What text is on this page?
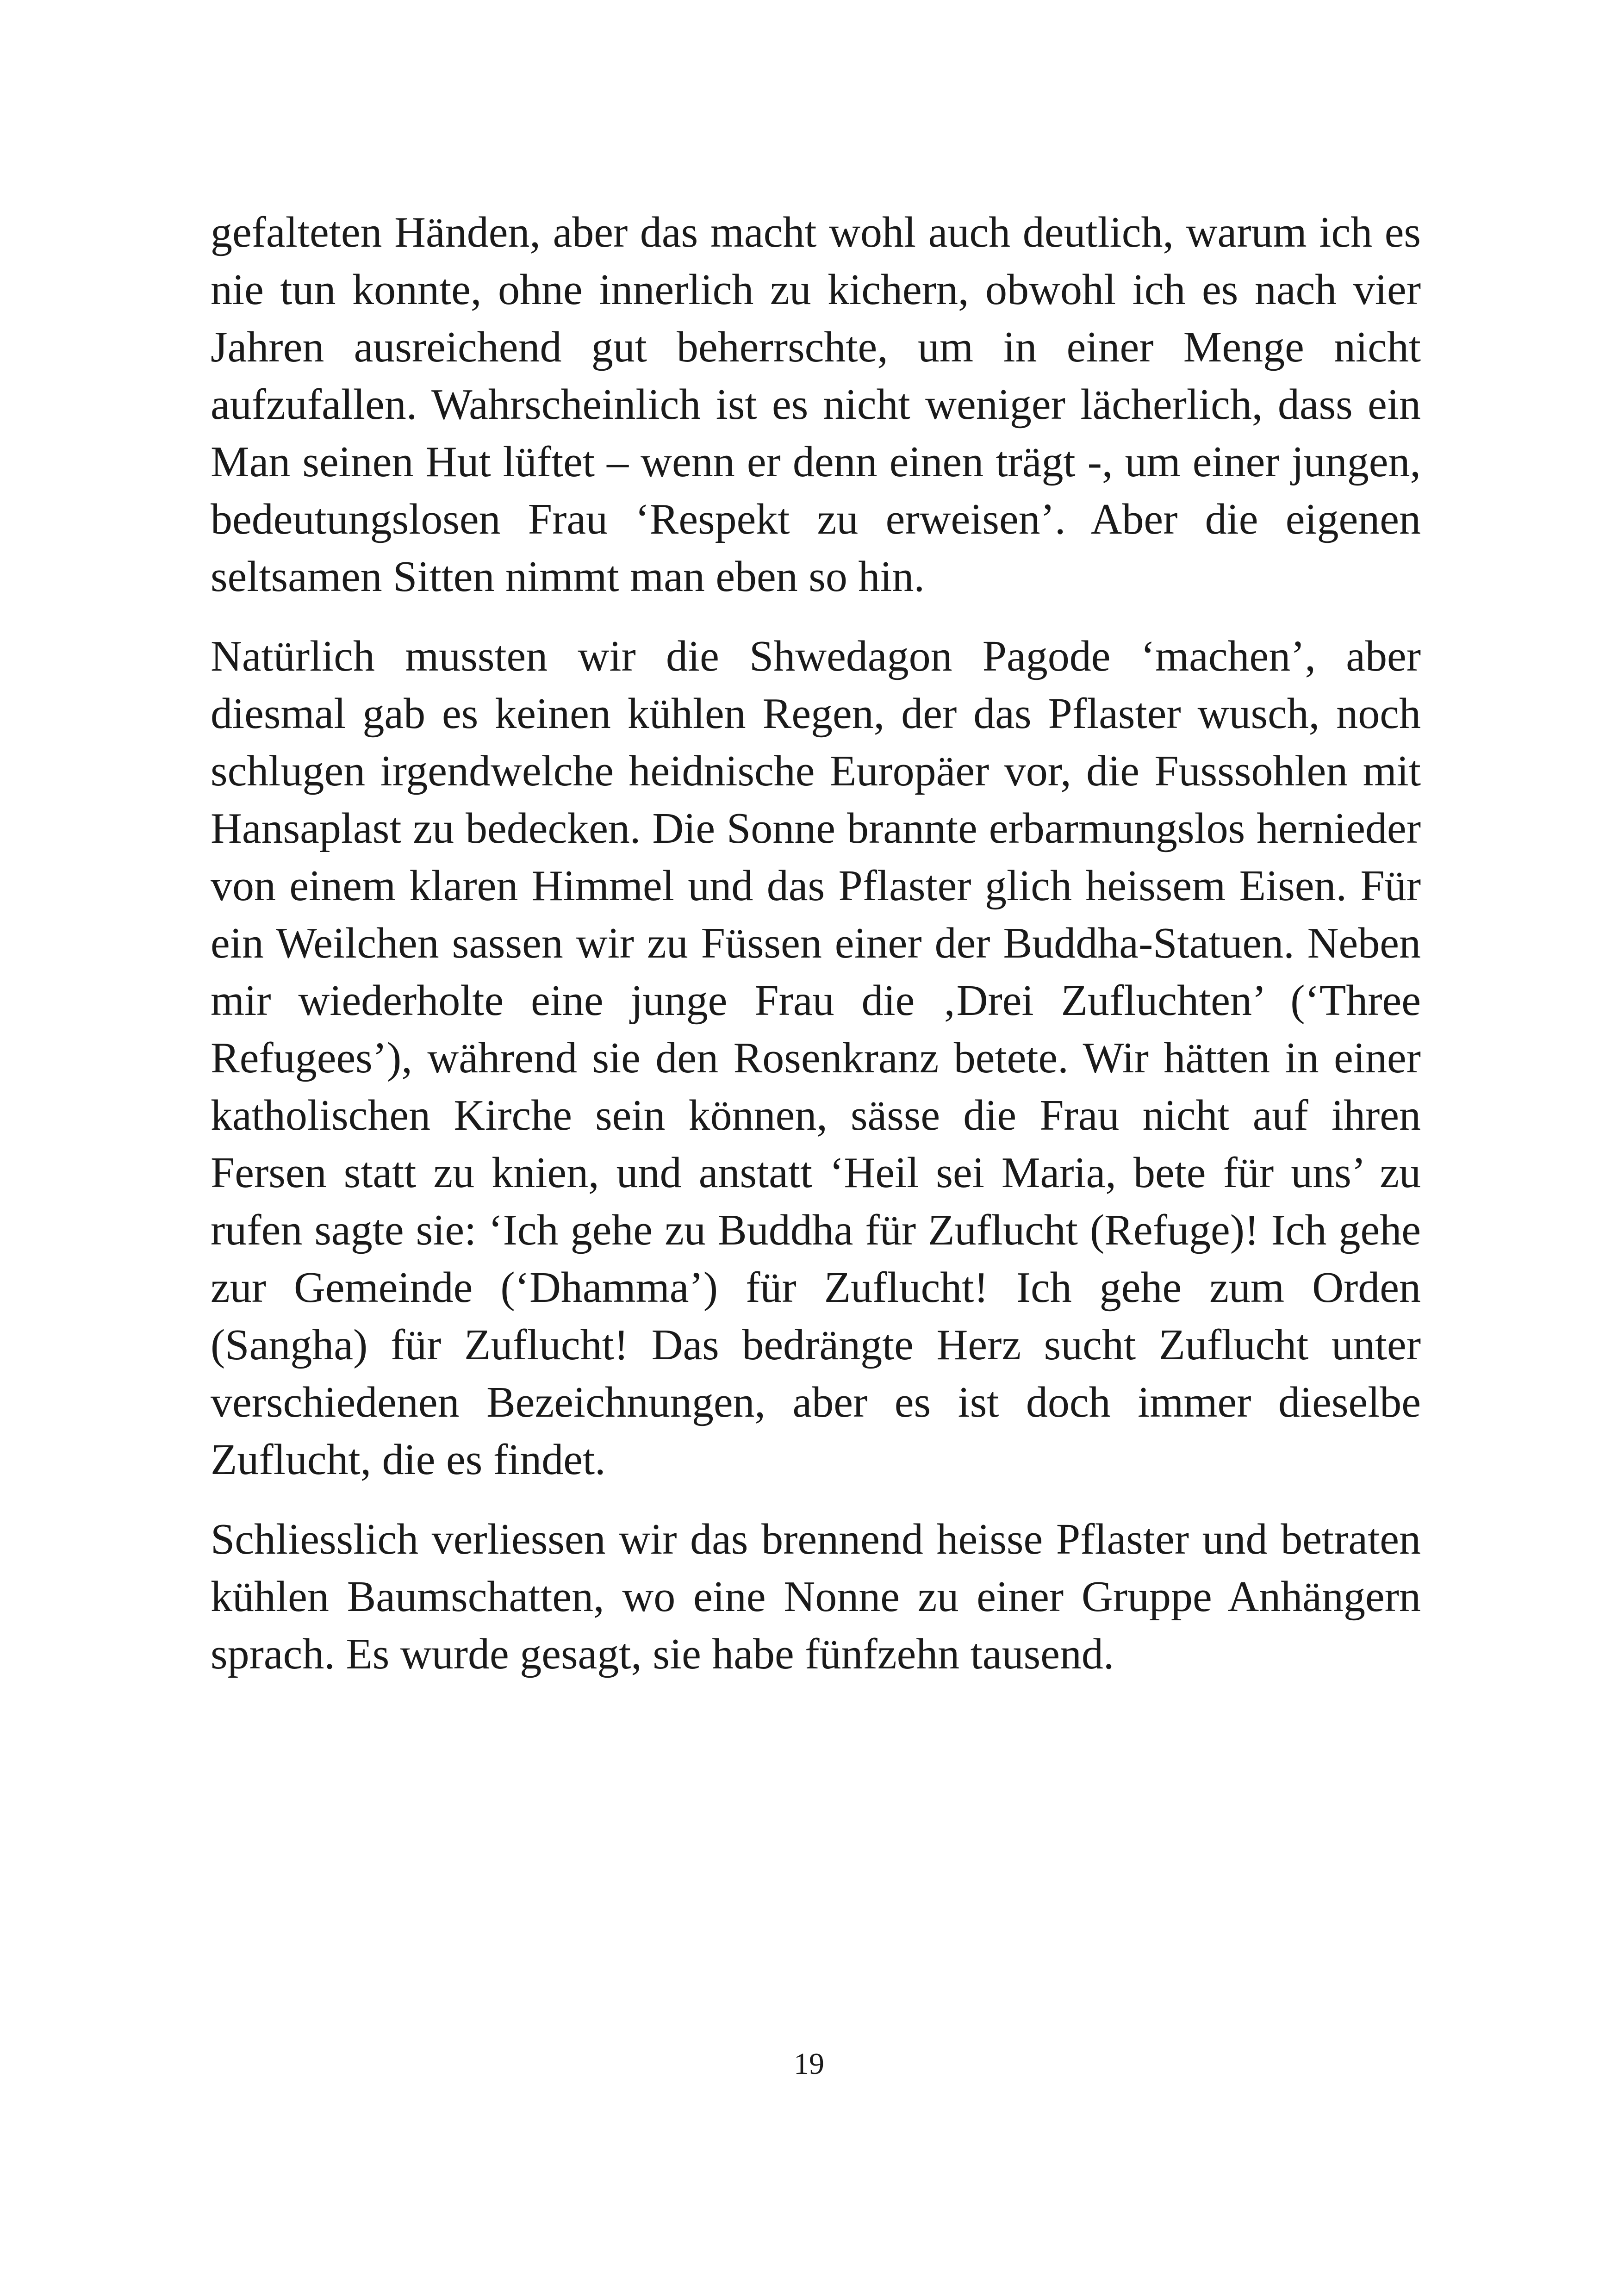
gefalteten Händen, aber das macht wohl auch deutlich, warum ich es nie tun konnte, ohne innerlich zu kichern, obwohl ich es nach vier Jahren ausreichend gut beherrschte, um in einer Menge nicht aufzufallen. Wahrscheinlich ist es nicht weniger lächerlich, dass ein Man seinen Hut lüftet – wenn er denn einen trägt -, um einer jungen, bedeutungslosen Frau ‘Respekt zu erweisen’. Aber die eigenen seltsamen Sitten nimmt man eben so hin.

Natürlich mussten wir die Shwedagon Pagode ‘machen’, aber diesmal gab es keinen kühlen Regen, der das Pflaster wusch, noch schlugen irgendwelche heidnische Europäer vor, die Fusssohlen mit Hansaplast zu bedecken. Die Sonne brannte erbarmungslos hernieder von einem klaren Himmel und das Pflaster glich heissem Eisen. Für ein Weilchen sassen wir zu Füssen einer der Buddha-Statuen. Neben mir wiederholte eine junge Frau die ‚Drei Zufluchten’ (‘Three Refugees’), während sie den Rosenkranz betete. Wir hätten in einer katholischen Kirche sein können, sässe die Frau nicht auf ihren Fersen statt zu knien, und anstatt ‘Heil sei Maria, bete für uns’ zu rufen sagte sie: ‘Ich gehe zu Buddha für Zuflucht (Refuge)! Ich gehe zur Gemeinde (‘Dhamma’) für Zuflucht! Ich gehe zum Orden (Sangha) für Zuflucht! Das bedrängte Herz sucht Zuflucht unter verschiedenen Bezeichnungen, aber es ist doch immer dieselbe Zuflucht, die es findet.

Schliesslich verliessen wir das brennend heisse Pflaster und betraten kühlen Baumschatten, wo eine Nonne zu einer Gruppe Anhängern sprach. Es wurde gesagt, sie habe fünfzehn tausend.

19
